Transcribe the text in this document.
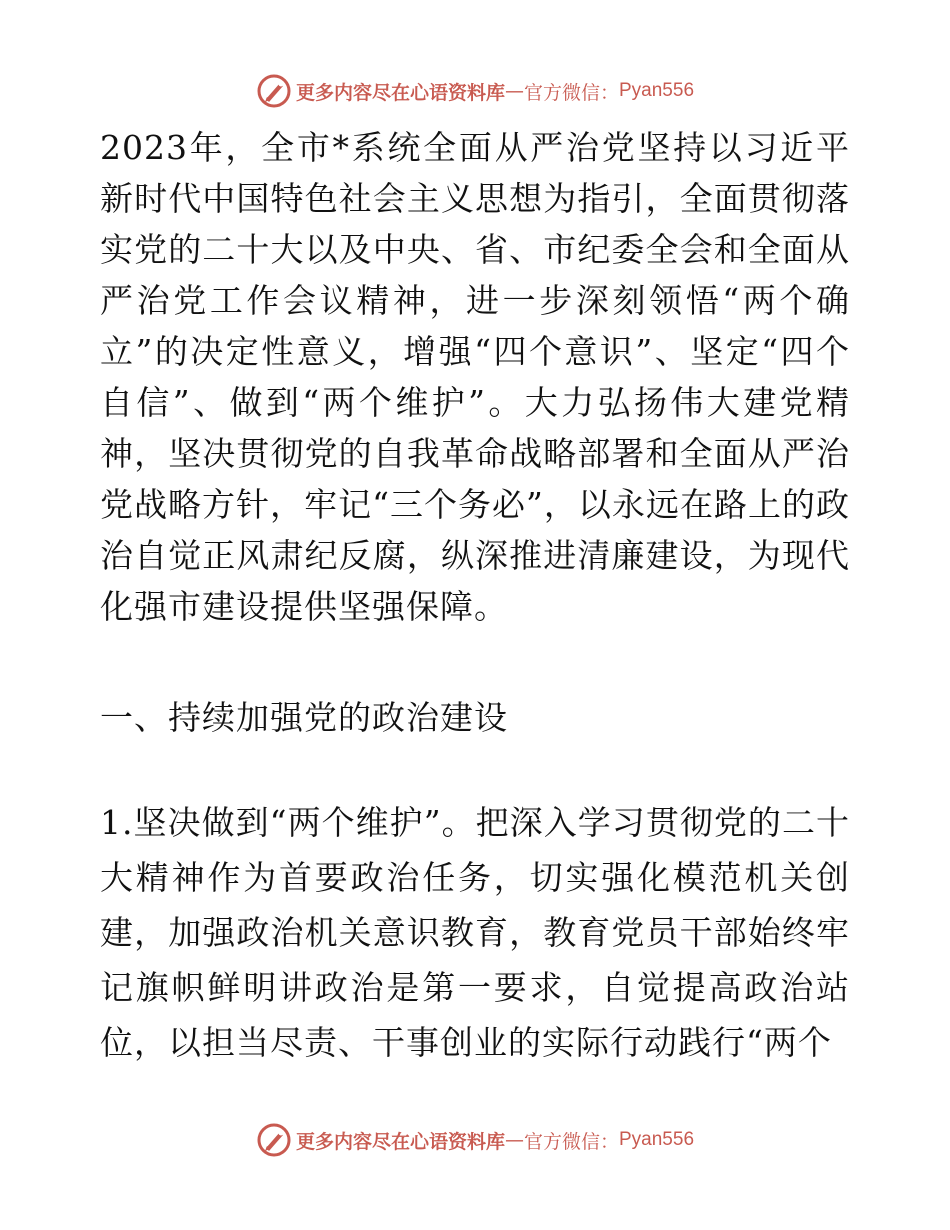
更多内容尽在心语资料库 — 官方微信： Pyan556

2023年，全市*系统全面从严治党坚持以习近平新时代中国特色社会主义思想为指引，全面贯彻落实党的二十大以及中央、省、市纪委全会和全面从严治党工作会议精神，进一步深刻领悟“两个确立”的决定性意义，增强“四个意识”、坚定“四个自信”、做到“两个维护”。大力弘扬伟大建党精神，坚决贯彻党的自我革命战略部署和全面从严治党战略方针，牢记“三个务必”，以永远在路上的政治自觉正风肃纪反腐，纵深推进清廉建设，为现代化强市建设提供坚强保障。

一、持续加强党的政治建设

1.坚决做到“两个维护”。把深入学习贯彻党的二十大精神作为首要政治任务，切实强化模范机关创建，加强政治机关意识教育，教育党员干部始终牢记旗帜鲜明讲政治是第一要求，自觉提高政治站位，以担当尽责、干事创业的实际行动践行“两个

更多内容尽在心语资料库 — 官方微信： Pyan556
